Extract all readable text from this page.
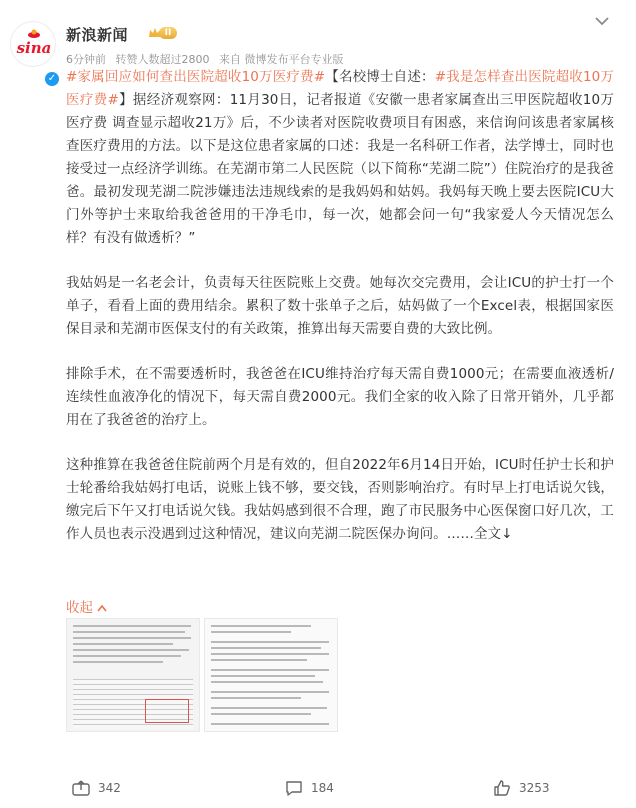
sina
✓
新浪新闻	II
6分钟前 转赞人数超过2800 来自 微博发布平台专业版

#家属回应如何查出医院超收10万医疗费#【名校博士自述：#我是怎样查出医院超收10万医疗费#】据经济观察网：11月30日，记者报道《安徽一患者家属查出三甲医院超收10万医疗费 调查显示超收21万》后，不少读者对医院收费项目有困惑，来信询问该患者家属核查医疗费用的方法。以下是这位患者家属的口述：我是一名科研工作者，法学博士，同时也接受过一点经济学训练。在芜湖市第二人民医院（以下简称“芜湖二院”）住院治疗的是我爸爸。最初发现芜湖二院涉嫌违法违规线索的是我妈妈和姑妈。我妈每天晚上要去医院ICU大门外等护士来取给我爸爸用的干净毛巾，每一次，她都会问一句“我家爱人今天情况怎么样？有没有做透析？”

我姑妈是一名老会计，负责每天往医院账上交费。她每次交完费用，会让ICU的护士打一个单子，看看上面的费用结余。累积了数十张单子之后，姑妈做了一个Excel表，根据国家医保目录和芜湖市医保支付的有关政策，推算出每天需要自费的大致比例。

排除手术，在不需要透析时，我爸爸在ICU维持治疗每天需自费1000元；在需要血液透析/连续性血液净化的情况下，每天需自费2000元。我们全家的收入除了日常开销外，几乎都用在了我爸爸的治疗上。

这种推算在我爸爸住院前两个月是有效的，但自2022年6月14日开始，ICU时任护士长和护士轮番给我姑妈打电话，说账上钱不够，要交钱，否则影响治疗。有时早上打电话说欠钱，缴完后下午又打电话说欠钱。我姑妈感到很不合理，跑了市民服务中心医保窗口好几次，工作人员也表示没遇到过这种情况，建议向芜湖二院医保办询问。……全文↓

收起
342	184	3253
